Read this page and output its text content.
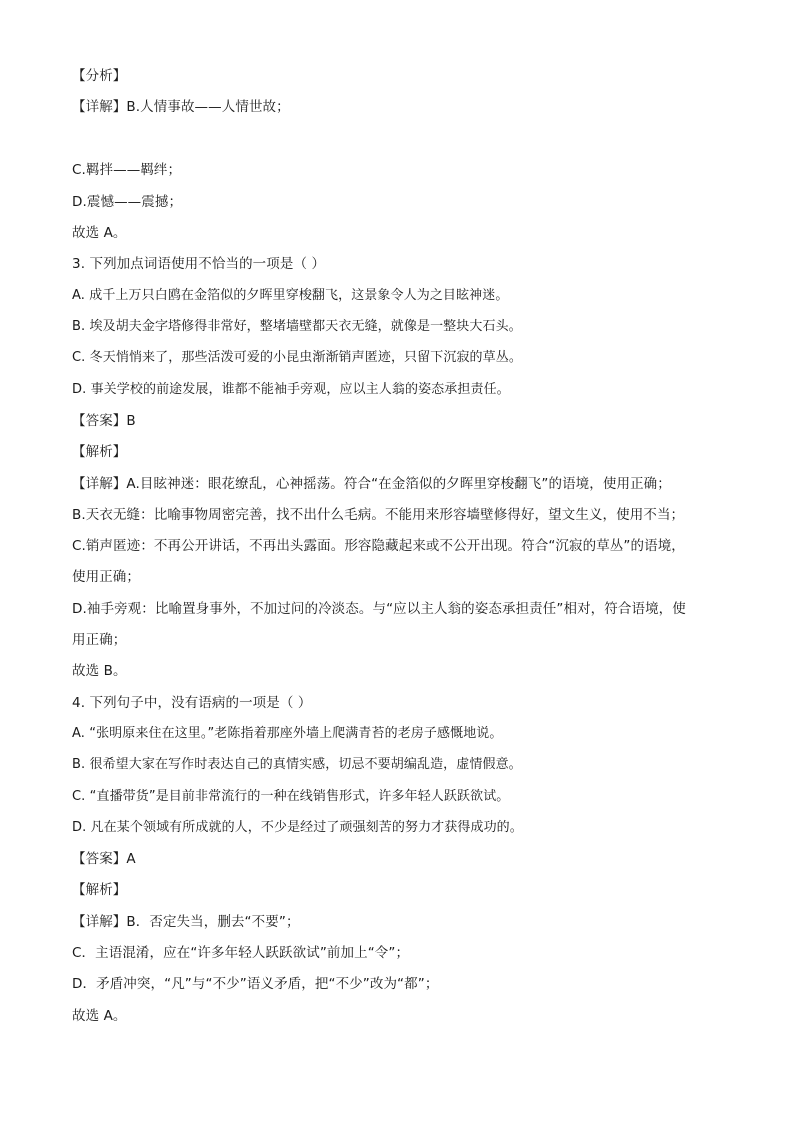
【分析】
【详解】B.人情事故——人情世故；
C.羁拌——羁绊；
D.震憾——震撼；
故选 A。
3. 下列加点词语使用不恰当的一项是（ ）
A. 成千上万只白鸥在金箔似的夕晖里穿梭翻飞，这景象令人为之目眩神迷。
B. 埃及胡夫金字塔修得非常好，整堵墙壁都天衣无缝，就像是一整块大石头。
C. 冬天悄悄来了，那些活泼可爱的小昆虫渐渐销声匿迹，只留下沉寂的草丛。
D. 事关学校的前途发展，谁都不能袖手旁观，应以主人翁的姿态承担责任。
【答案】B
【解析】
【详解】A.目眩神迷：眼花缭乱，心神摇荡。符合“在金箔似的夕晖里穿梭翻飞”的语境，使用正确；
B.天衣无缝：比喻事物周密完善，找不出什么毛病。不能用来形容墙壁修得好，望文生义，使用不当；
C.销声匿迹：不再公开讲话，不再出头露面。形容隐藏起来或不公开出现。符合“沉寂的草丛”的语境，
使用正确；
D.袖手旁观：比喻置身事外，不加过问的冷淡态。与“应以主人翁的姿态承担责任”相对，符合语境，使
用正确；
故选 B。
4. 下列句子中，没有语病的一项是（ ）
A. “张明原来住在这里。”老陈指着那座外墙上爬满青苔的老房子感慨地说。
B. 很希望大家在写作时表达自己的真情实感，切忌不要胡编乱造，虚情假意。
C. “直播带货”是目前非常流行的一种在线销售形式，许多年轻人跃跃欲试。
D. 凡在某个领域有所成就的人，不少是经过了顽强刻苦的努力才获得成功的。
【答案】A
【解析】
【详解】B．否定失当，删去“不要”；
C．主语混淆，应在“许多年轻人跃跃欲试”前加上“令”；
D．矛盾冲突，“凡”与“不少”语义矛盾，把“不少”改为“都”；
故选 A。
